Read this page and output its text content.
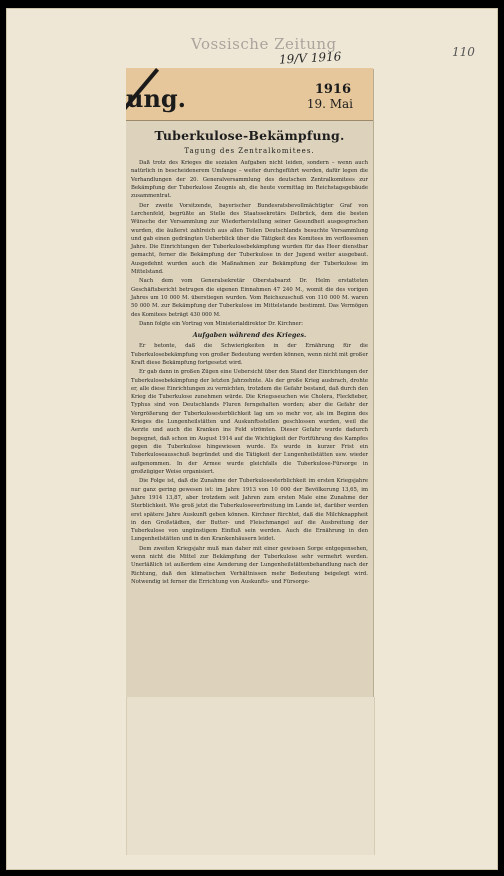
Vossische Zeitung
19/V 1916	110
ung.	1916
19. Mai
Tuberkulose-Bekämpfung.
Tagung des Zentralkomitees.

Daß trotz des Krieges die sozialen Aufgaben nicht leiden, sondern – wenn auch natürlich in bescheidenerem Umfange – weiter durchgeführt werden, dafür legen die Verhandlungen der 20. Generalversammlung des deutschen Zentralkomitees zur Bekämpfung der Tuberkulose Zeugnis ab, die heute vormittag im Reichstagsgebäude zusammentrat.

Der zweite Vorsitzende, bayerischer Bundesratsbevollmächtigter Graf von Lerchenfeld, begrüßte an Stelle des Staatssekretärs Delbrück, dem die besten Wünsche der Versammlung zur Wiederherstellung seiner Gesundheit ausgesprochen wurden, die äußerst zahlreich aus allen Teilen Deutschlands besuchte Versammlung und gab einen gedrängten Ueberblick über die Tätigkeit des Komitees im verflossenen Jahre. Die Einrichtungen der Tuberkulosebekämpfung wurden für das Heer dienstbar gemacht, ferner die Bekämpfung der Tuberkulose in der Jugend weiter ausgebaut. Ausgedehnt wurden auch die Maßnahmen zur Bekämpfung der Tuberkulose im Mittelstand.

Nach dem vom Generalsekretär Oberstabsarzt Dr. Helm erstatteten Geschäftsbericht betrugen die eigenen Einnahmen 47 240 M., womit die des vorigen Jahres um 10 000 M. überstiegen wurden. Vom Reichszuschuß von 110 000 M. waren 50 000 M. zur Bekämpfung der Tuberkulose im Mittelstande bestimmt. Das Vermögen des Komitees beträgt 430 000 M.

Dann folgte ein Vortrag von Ministerialdirektor Dr. Kirchner:

Aufgaben während des Krieges.

Er betonte, daß die Schwierigkeiten in der Ernährung für die Tuberkulosebekämpfung von großer Bedeutung werden können, wenn nicht mit großer Kraft diese Bekämpfung fortgesetzt wird.

Er gab dann in großen Zügen eine Uebersicht über den Stand der Einrichtungen der Tuberkulosebekämpfung der letzten Jahrzehnte. Als der große Krieg ausbrach, drohte er, alle diese Einrichtungen zu vernichten, trotzdem die Gefahr bestand, daß durch den Krieg die Tuberkulose zunehmen würde. Die Kriegsseuchen wie Cholera, Fleckfieber, Typhus sind von Deutschlands Fluren ferngehalten worden; aber die Gefahr der Vergrößerung der Tuberkulosesterblichkeit lag um so mehr vor, als im Beginn des Krieges die Lungenheilstätten und Auskunftsstellen geschlossen wurden, weil die Aerzte und auch die Kranken ins Feld strömten. Dieser Gefahr wurde dadurch begegnet, daß schon im August 1914 auf die Wichtigkeit der Fortführung des Kampfes gegen die Tuberkulose hingewiesen wurde. Es wurde in kurzer Frist ein Tuberkuloseausschuß begründet und die Tätigkeit der Lungenheilstätten usw. wieder aufgenommen. In der Armee wurde gleichfalls die Tuberkulose-Fürsorge in großzügiger Weise organisiert.

Die Folge ist, daß die Zunahme der Tuberkulosesterblichkeit im ersten Kriegsjahre nur ganz gering gewesen ist: im Jahre 1913 von 10 000 der Bevölkerung 13,65, im Jahre 1914 13,87, aber trotzdem seit Jahren zum ersten Male eine Zunahme der Sterblichkeit. Wie groß jetzt die Tuberkuloseverbreitung im Lande ist, darüber werden erst spätere Jahre Auskunft geben können. Kirchner fürchtet, daß die Milchknappheit in den Großstädten, der Butter- und Fleischmangel auf die Ausbreitung der Tuberkulose von ungünstigem Einfluß sein werden. Auch die Ernährung in den Lungenheilstätten und in den Krankenhäusern leidet.

Dem zweiten Kriegsjahr muß man daher mit einer gewissen Sorge entgegensehen, wenn nicht die Mittel zur Bekämpfung der Tuberkulose sehr vermehrt werden. Unerläßlich ist außerdem eine Aenderung der Lungenheilstättenbehandlung nach der Richtung, daß den klimatischen Verhältnissen mehr Bedeutung beigelegt wird. Notwendig ist ferner die Errichtung von Auskunfts- und Fürsorge-
